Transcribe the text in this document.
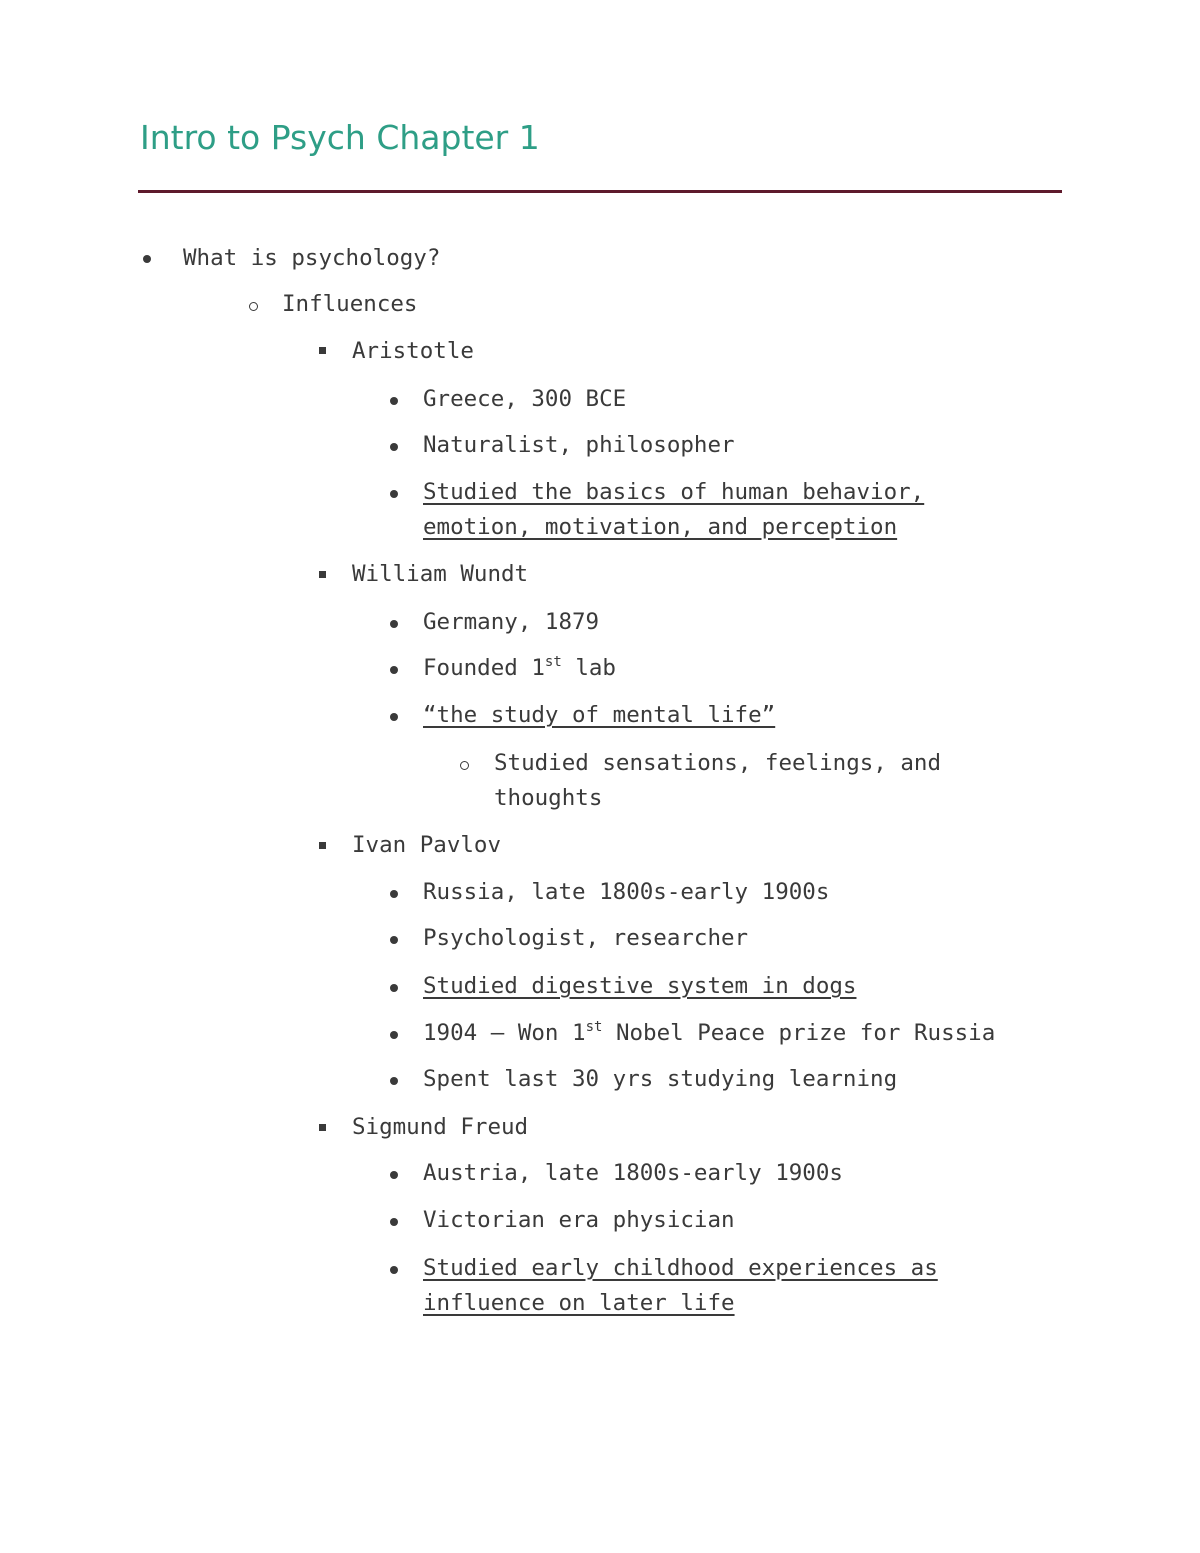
Intro to Psych Chapter 1
What is psychology?
Influences
Aristotle
Greece, 300 BCE
Naturalist, philosopher
Studied the basics of human behavior,
emotion, motivation, and perception
William Wundt
Germany, 1879
Founded 1st lab
“the study of mental life”
Studied sensations, feelings, and
thoughts
Ivan Pavlov
Russia, late 1800s-early 1900s
Psychologist, researcher
Studied digestive system in dogs
1904 – Won 1st Nobel Peace prize for Russia
Spent last 30 yrs studying learning
Sigmund Freud
Austria, late 1800s-early 1900s
Victorian era physician
Studied early childhood experiences as
influence on later life
